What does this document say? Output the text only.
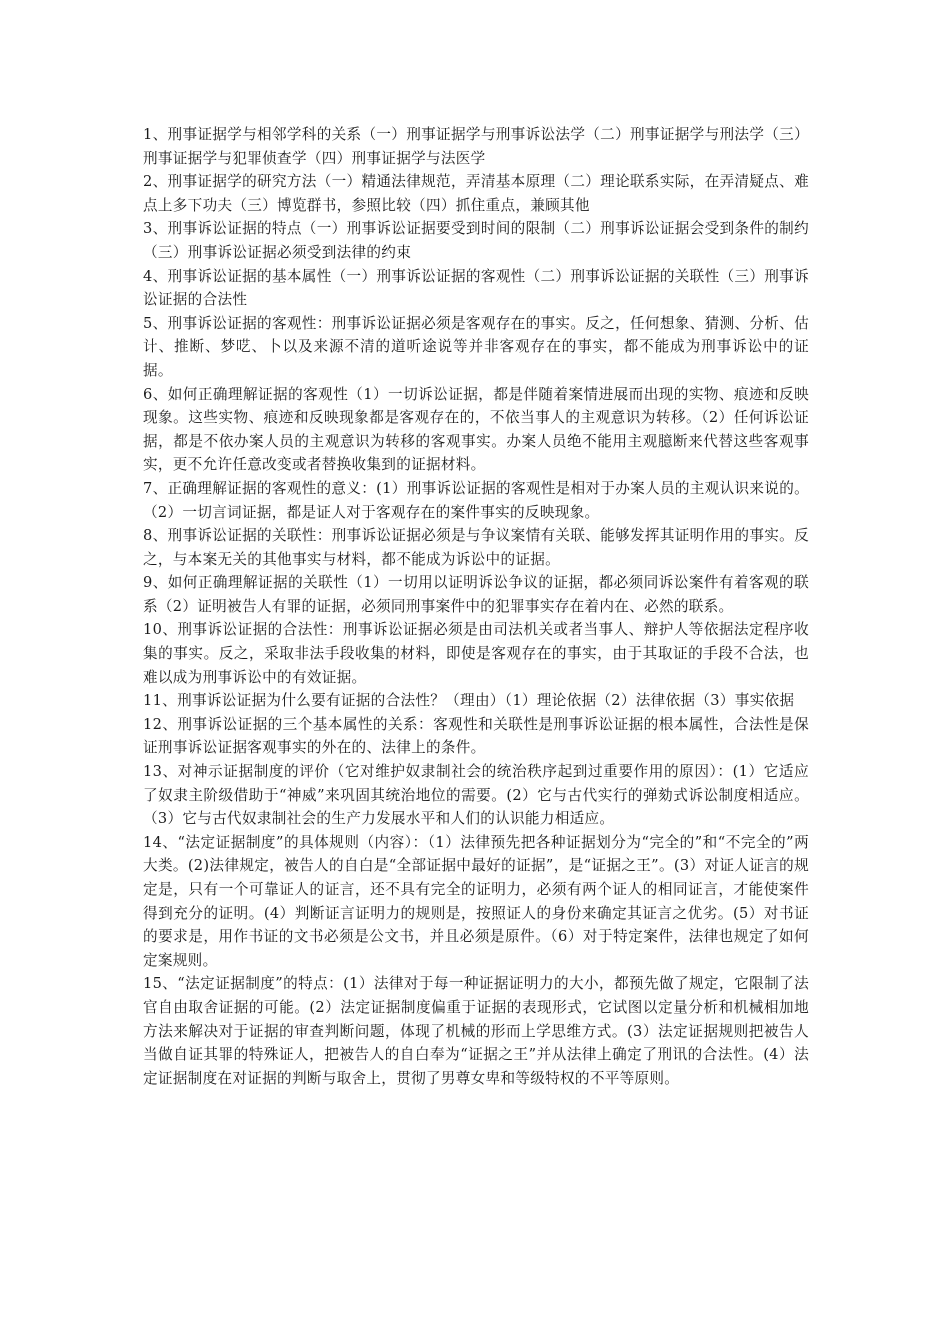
1、刑事证据学与相邻学科的关系（一）刑事证据学与刑事诉讼法学（二）刑事证据学与刑法学（三）刑事证据学与犯罪侦查学（四）刑事证据学与法医学

2、刑事证据学的研究方法（一）精通法律规范，弄清基本原理（二）理论联系实际，在弄清疑点、难点上多下功夫（三）博览群书，参照比较（四）抓住重点，兼顾其他

3、刑事诉讼证据的特点（一）刑事诉讼证据要受到时间的限制（二）刑事诉讼证据会受到条件的制约（三）刑事诉讼证据必须受到法律的约束

4、刑事诉讼证据的基本属性（一）刑事诉讼证据的客观性（二）刑事诉讼证据的关联性（三）刑事诉讼证据的合法性

5、刑事诉讼证据的客观性：刑事诉讼证据必须是客观存在的事实。反之，任何想象、猜测、分析、估计、推断、梦呓、卜以及来源不清的道听途说等并非客观存在的事实，都不能成为刑事诉讼中的证据。

6、如何正确理解证据的客观性（1）一切诉讼证据，都是伴随着案情进展而出现的实物、痕迹和反映现象。这些实物、痕迹和反映现象都是客观存在的，不依当事人的主观意识为转移。（2）任何诉讼证据，都是不依办案人员的主观意识为转移的客观事实。办案人员绝不能用主观臆断来代替这些客观事实，更不允许任意改变或者替换收集到的证据材料。

7、正确理解证据的客观性的意义：(1）刑事诉讼证据的客观性是相对于办案人员的主观认识来说的。（2）一切言词证据，都是证人对于客观存在的案件事实的反映现象。

8、刑事诉讼证据的关联性：刑事诉讼证据必须是与争议案情有关联、能够发挥其证明作用的事实。反之，与本案无关的其他事实与材料，都不能成为诉讼中的证据。

9、如何正确理解证据的关联性（1）一切用以证明诉讼争议的证据，都必须同诉讼案件有着客观的联系（2）证明被告人有罪的证据，必须同刑事案件中的犯罪事实存在着内在、必然的联系。

10、刑事诉讼证据的合法性：刑事诉讼证据必须是由司法机关或者当事人、辩护人等依据法定程序收集的事实。反之，采取非法手段收集的材料，即使是客观存在的事实，由于其取证的手段不合法，也难以成为刑事诉讼中的有效证据。

11、刑事诉讼证据为什么要有证据的合法性？（理由）（1）理论依据（2）法律依据（3）事实依据

12、刑事诉讼证据的三个基本属性的关系：客观性和关联性是刑事诉讼证据的根本属性，合法性是保证刑事诉讼证据客观事实的外在的、法律上的条件。

13、对神示证据制度的评价（它对维护奴隶制社会的统治秩序起到过重要作用的原因）：(1）它适应了奴隶主阶级借助于“神威”来巩固其统治地位的需要。(2）它与古代实行的弹劾式诉讼制度相适应。（3）它与古代奴隶制社会的生产力发展水平和人们的认识能力相适应。

14、“法定证据制度”的具体规则（内容）：（1）法律预先把各种证据划分为“完全的”和“不完全的”两大类。(2)法律规定，被告人的自白是“全部证据中最好的证据”，是“证据之王”。(3）对证人证言的规定是，只有一个可靠证人的证言，还不具有完全的证明力，必须有两个证人的相同证言，才能使案件得到充分的证明。(4）判断证言证明力的规则是，按照证人的身份来确定其证言之优劣。(5）对书证的要求是，用作书证的文书必须是公文书，并且必须是原件。（6）对于特定案件，法律也规定了如何定案规则。

15、“法定证据制度”的特点：(1）法律对于每一种证据证明力的大小，都预先做了规定，它限制了法官自由取舍证据的可能。(2）法定证据制度偏重于证据的表现形式，它试图以定量分析和机械相加地方法来解决对于证据的审查判断问题，体现了机械的形而上学思维方式。(3）法定证据规则把被告人当做自证其罪的特殊证人，把被告人的自白奉为“证据之王”并从法律上确定了刑讯的合法性。(4）法定证据制度在对证据的判断与取舍上，贯彻了男尊女卑和等级特权的不平等原则。
